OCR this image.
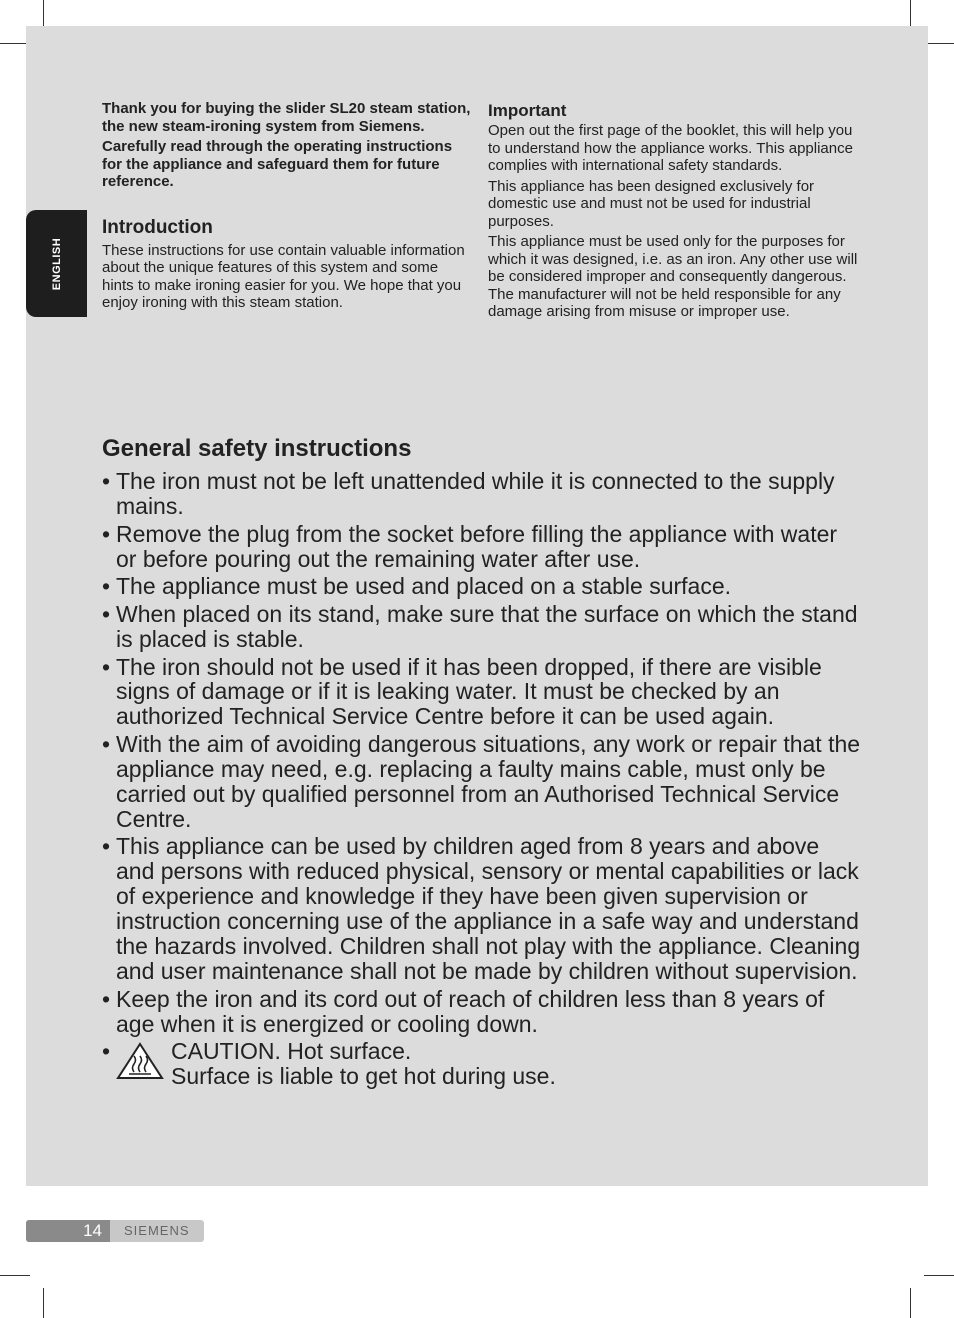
ENGLISH

Thank you for buying the slider SL20 steam station, the new steam-ironing system from Siemens.

Carefully read through the operating instructions for the appliance and safeguard them for future reference.

Introduction

These instructions for use contain valuable information about the unique features of this system and some hints to make ironing easier for you. We hope that you enjoy ironing with this steam station.

Important

Open out the first page of the booklet, this will help you to understand how the appliance works. This appliance complies with international safety standards.

This appliance has been designed exclusively for domestic use and must not be used for industrial purposes.

This appliance must be used only for the purposes for which it was designed, i.e. as an iron. Any other use will be considered improper and consequently dangerous. The manufacturer will not be held responsible for any damage arising from misuse or improper use.

General safety instructions
• The iron must not be left unattended while it is connected to the supply mains.
• Remove the plug from the socket before filling the appliance with water or before pouring out the remaining water after use.
• The appliance must be used and placed on a stable surface.
• When placed on its stand, make sure that the surface on which the stand is placed is stable.
• The iron should not be used if it has been dropped, if there are visible signs of damage or if it is leaking water. It must be checked by an authorized Technical Service Centre before it can be used again.
• With the aim of avoiding dangerous situations, any work or repair that the appliance may need, e.g. replacing a faulty mains cable, must only be carried out by qualified personnel from an Authorised Technical Service Centre.
• This appliance can be used by children aged from 8 years and above and persons with reduced physical, sensory or mental capabilities or lack of experience and knowledge if they have been given supervision or instruction concerning use of the appliance in a safe way and understand the hazards involved. Children shall not play with the appliance. Cleaning and user maintenance shall not be made by children without supervision.
• Keep the iron and its cord out of reach of children less than 8 years of age when it is energized or cooling down.
• CAUTION. Hot surface.
Surface is liable to get hot during use.
14 SIEMENS
